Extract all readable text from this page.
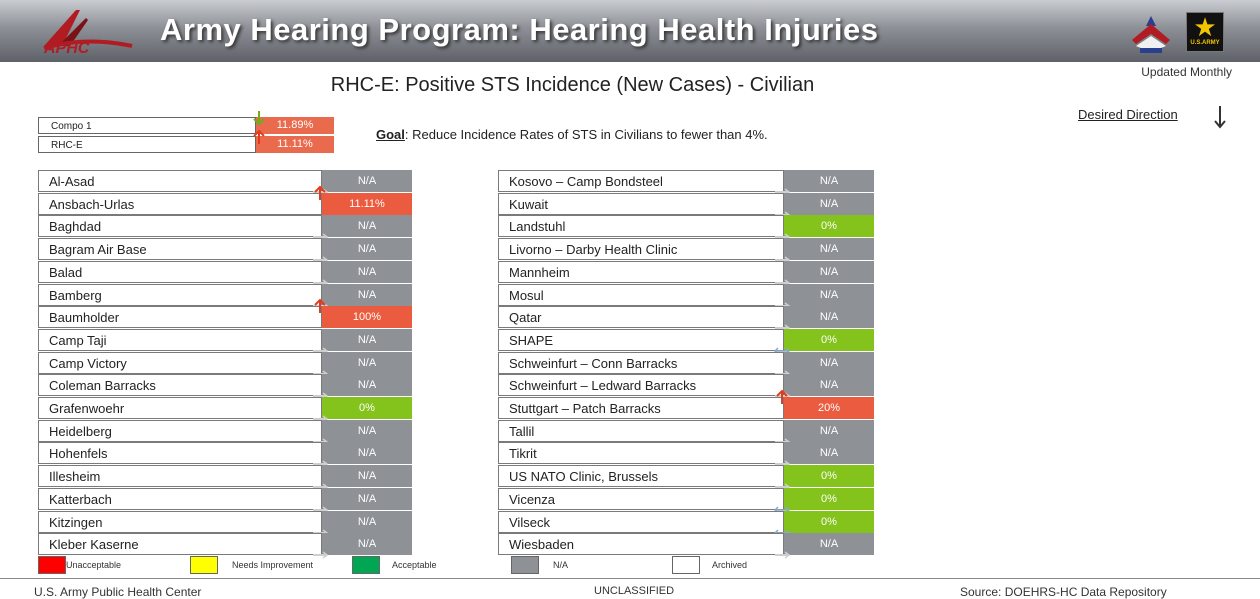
APHC
Army Hearing Program: Hearing Health Injuries	★
U.S.ARMY
RHC-E: Positive STS Incidence (New Cases) - Civilian
Updated Monthly
Desired Direction
Compo 1	11.89%
RHC-E	11.11%
Goal: Reduce Incidence Rates of STS in Civilians to fewer than 4%.
Al-Asad	N/A
Ansbach-Urlas	11.11%
Baghdad	N/A
Bagram Air Base	N/A
Balad	N/A
Bamberg	N/A
Baumholder	100%
Camp Taji	N/A
Camp Victory	N/A
Coleman Barracks	N/A
Grafenwoehr	0%
Heidelberg	N/A
Hohenfels	N/A
Illesheim	N/A
Katterbach	N/A
Kitzingen	N/A
Kleber Kaserne	N/A
Kosovo – Camp Bondsteel	N/A
Kuwait	N/A
Landstuhl	0%
Livorno – Darby Health Clinic	N/A
Mannheim	N/A
Mosul	N/A
Qatar	N/A
SHAPE	0%
Schweinfurt – Conn Barracks	N/A
Schweinfurt – Ledward Barracks	N/A
Stuttgart – Patch Barracks	20%
Tallil	N/A
Tikrit	N/A
US NATO Clinic, Brussels	0%
Vicenza	0%
Vilseck	0%
Wiesbaden	N/A
Unacceptable	Needs Improvement	Acceptable	N/A	Archived
U.S. Army Public Health Center	UNCLASSIFIED	Source: DOEHRS-HC Data Repository
